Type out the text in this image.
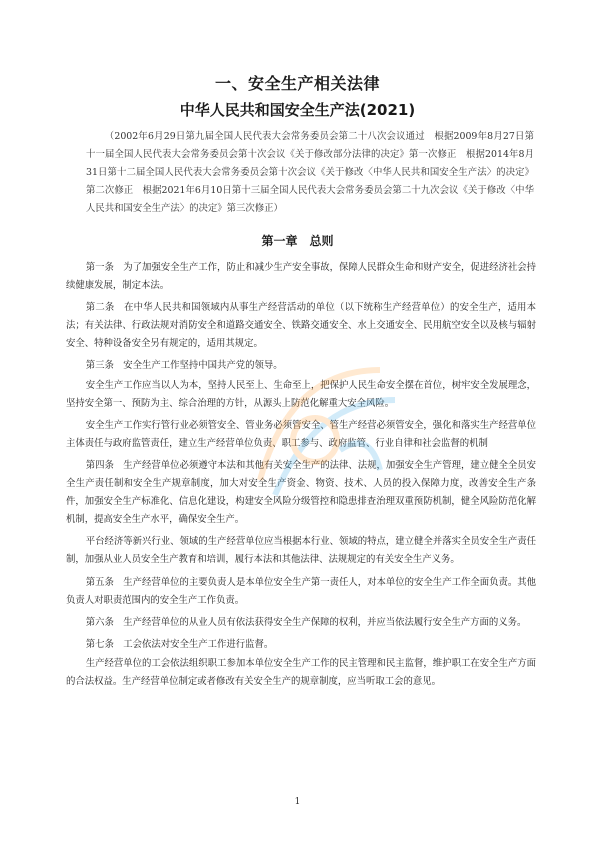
一、安全生产相关法律
中华人民共和国安全生产法(2021)
（2002年6月29日第九届全国人民代表大会常务委员会第二十八次会议通过　根据2009年8月27日第十一届全国人民代表大会常务委员会第十次会议《关于修改部分法律的决定》第一次修正　根据2014年8月31日第十二届全国人民代表大会常务委员会第十次会议《关于修改〈中华人民共和国安全生产法〉的决定》第二次修正　根据2021年6月10日第十三届全国人民代表大会常务委员会第二十九次会议《关于修改〈中华人民共和国安全生产法〉的决定》第三次修正）
第一章　总则

第一条　为了加强安全生产工作，防止和减少生产安全事故，保障人民群众生命和财产安全，促进经济社会持续健康发展，制定本法。

第二条　在中华人民共和国领域内从事生产经营活动的单位（以下统称生产经营单位）的安全生产，适用本法；有关法律、行政法规对消防安全和道路交通安全、铁路交通安全、水上交通安全、民用航空安全以及核与辐射安全、特种设备安全另有规定的，适用其规定。

第三条　安全生产工作坚持中国共产党的领导。

安全生产工作应当以人为本，坚持人民至上、生命至上，把保护人民生命安全摆在首位，树牢安全发展理念，坚持安全第一、预防为主、综合治理的方针，从源头上防范化解重大安全风险。

安全生产工作实行管行业必须管安全、管业务必须管安全、管生产经营必须管安全，强化和落实生产经营单位主体责任与政府监管责任，建立生产经营单位负责、职工参与、政府监管、行业自律和社会监督的机制

第四条　生产经营单位必须遵守本法和其他有关安全生产的法律、法规，加强安全生产管理，建立健全全员安全生产责任制和安全生产规章制度，加大对安全生产资金、物资、技术、人员的投入保障力度，改善安全生产条件，加强安全生产标准化、信息化建设，构建安全风险分级管控和隐患排查治理双重预防机制，健全风险防范化解机制，提高安全生产水平，确保安全生产。

平台经济等新兴行业、领域的生产经营单位应当根据本行业、领域的特点，建立健全并落实全员安全生产责任制，加强从业人员安全生产教育和培训，履行本法和其他法律、法规规定的有关安全生产义务。

第五条　生产经营单位的主要负责人是本单位安全生产第一责任人，对本单位的安全生产工作全面负责。其他负责人对职责范围内的安全生产工作负责。

第六条　生产经营单位的从业人员有依法获得安全生产保障的权利，并应当依法履行安全生产方面的义务。

第七条　工会依法对安全生产工作进行监督。

生产经营单位的工会依法组织职工参加本单位安全生产工作的民主管理和民主监督，维护职工在安全生产方面的合法权益。生产经营单位制定或者修改有关安全生产的规章制度，应当听取工会的意见。

1
